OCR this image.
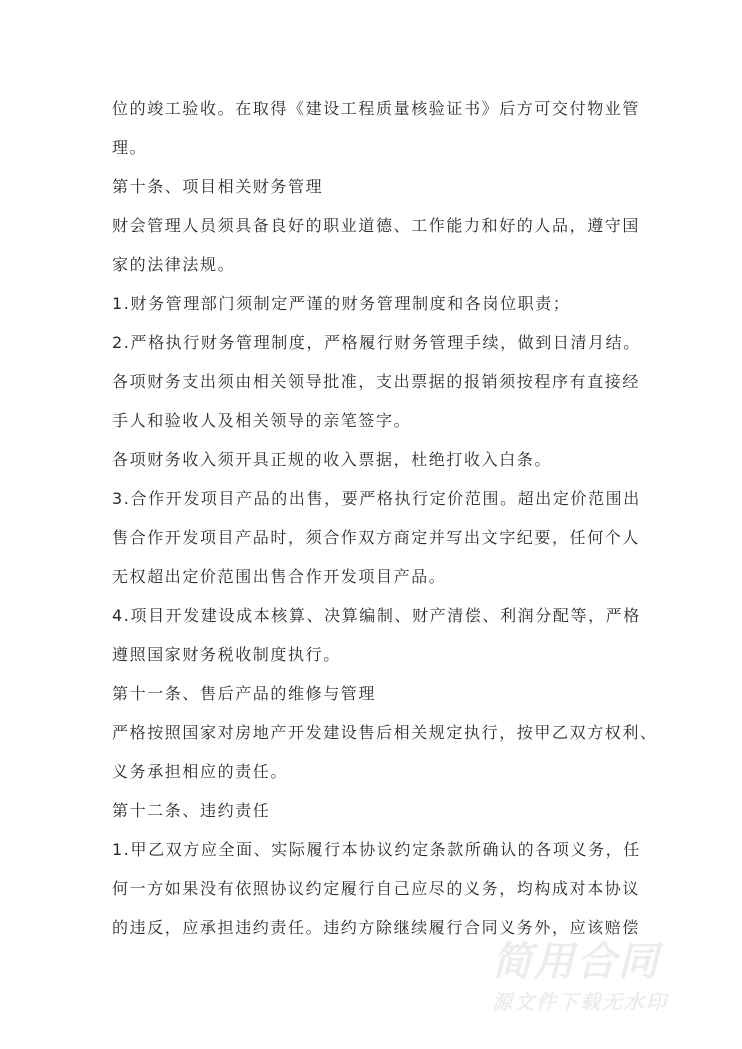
的违反，应承担违约责任。违约方除继续履行合同义务外，应该赔偿
何一方如果没有依照协议约定履行自己应尽的义务，均构成对本协议
1.甲乙双方应全面、实际履行本协议约定条款所确认的各项义务，任
第十二条、违约责任
义务承担相应的责任。
严格按照国家对房地产开发建设售后相关规定执行，按甲乙双方权利、
第十一条、售后产品的维修与管理
遵照国家财务税收制度执行。
4.项目开发建设成本核算、决算编制、财产清偿、利润分配等，严格
无权超出定价范围出售合作开发项目产品。
售合作开发项目产品时，须合作双方商定并写出文字纪要，任何个人
3.合作开发项目产品的出售，要严格执行定价范围。超出定价范围出
各项财务收入须开具正规的收入票据，杜绝打收入白条。
手人和验收人及相关领导的亲笔签字。
各项财务支出须由相关领导批准，支出票据的报销须按程序有直接经
2.严格执行财务管理制度，严格履行财务管理手续，做到日清月结。
1.财务管理部门须制定严谨的财务管理制度和各岗位职责；
家的法律法规。
财会管理人员须具备良好的职业道德、工作能力和好的人品，遵守国
第十条、项目相关财务管理
理。
位的竣工验收。在取得《建设工程质量核验证书》后方可交付物业管
简用合同
源文件下载无水印
